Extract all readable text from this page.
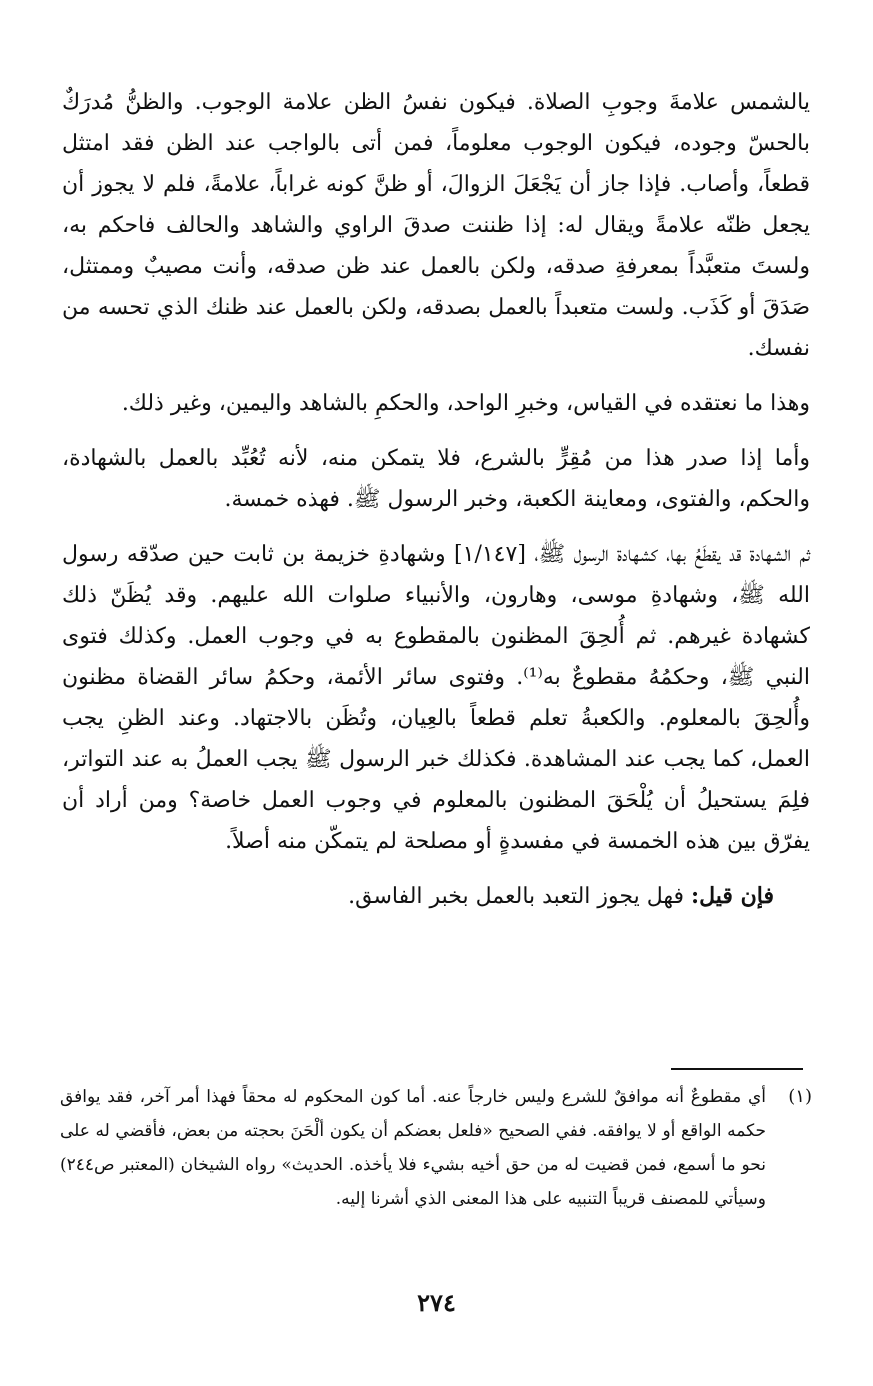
يالشمس علامةَ وجوبِ الصلاة. فيكون نفسُ الظن علامة الوجوب. والظنُّ مُدرَكٌ بالحسّ وجوده، فيكون الوجوب معلوماً، فمن أتى بالواجب عند الظن فقد امتثل قطعاً، وأصاب. فإذا جاز أن يَجْعَلَ الزوالَ، أو ظنَّ كونه غراباً، علامةً، فلم لا يجوز أن يجعل ظنّه علامةً ويقال له: إذا ظننت صدقَ الراوي والشاهد والحالف فاحكم به، ولستَ متعبَّداً بمعرفةِ صدقه، ولكن بالعمل عند ظن صدقه، وأنت مصيبٌ وممتثل، صَدَقَ أو كَذَب. ولست متعبداً بالعمل بصدقه، ولكن بالعمل عند ظنك الذي تحسه من نفسك.

وهذا ما نعتقده في القياس، وخبرِ الواحد، والحكمِ بالشاهد واليمين، وغير ذلك.

وأما إذا صدر هذا من مُقِرٍّ بالشرع، فلا يتمكن منه، لأنه تُعُبِّد بالعمل بالشهادة، والحكم، والفتوى، ومعاينة الكعبة، وخبر الرسول ﷺ. فهذه خمسة.

ثم الشهادة قد يقطَعُ بها، كشهادة الرسول ﷺ، [١/١٤٧] وشهادةِ خزيمة بن ثابت حين صدّقه رسول الله ﷺ، وشهادةِ موسى، وهارون، والأنبياء صلوات الله عليهم. وقد يُظَنّ ذلك كشهادة غيرهم. ثم أُلحِقَ المظنون بالمقطوع به في وجوب العمل. وكذلك فتوى النبي ﷺ، وحكمُهُ مقطوعٌ به⁽¹⁾. وفتوى سائر الأئمة، وحكمُ سائر القضاة مظنون وأُلحِقَ بالمعلوم. والكعبةُ تعلم قطعاً بالعِيان، وتُظَن بالاجتهاد. وعند الظنِ يجب العمل، كما يجب عند المشاهدة. فكذلك خبر الرسول ﷺ يجب العملُ به عند التواتر، فلِمَ يستحيلُ أن يُلْحَقَ المظنون بالمعلوم في وجوب العمل خاصة؟ ومن أراد أن يفرّق بين هذه الخمسة في مفسدةٍ أو مصلحة لم يتمكّن منه أصلاً.

فإن قيل: فهل يجوز التعبد بالعمل بخبر الفاسق.
(١)
أي مقطوعٌ أنه موافقٌ للشرع وليس خارجاً عنه. أما كون المحكوم له محقاً فهذا أمر آخر، فقد يوافق حكمه الواقع أو لا يوافقه. ففي الصحيح «فلعل بعضكم أن يكون ألْحَنَ بحجته من بعض، فأقضي له على نحو ما أسمع، فمن قضيت له من حق أخيه بشيء فلا يأخذه. الحديث» رواه الشيخان (المعتبر ص٢٤٤) وسيأتي للمصنف قريباً التنبيه على هذا المعنى الذي أشرنا إليه.
٢٧٤
